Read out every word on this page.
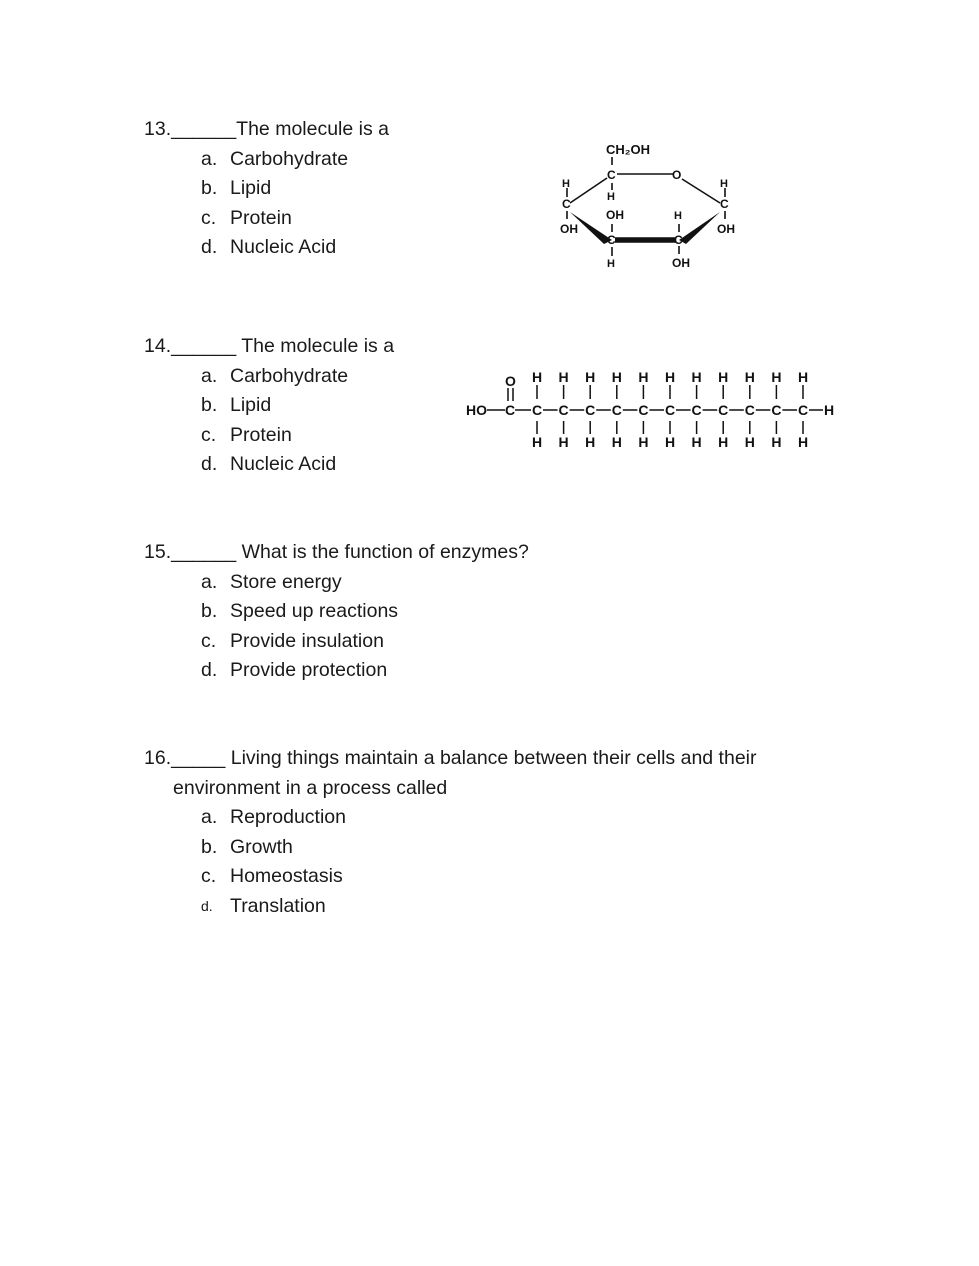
13.______The molecule is a
a. Carbohydrate
b. Lipid
c. Protein
d. Nucleic Acid
CH₂OH
C
H
O
H
C
OH
H
C
OH
OH
C
H
H
C
OH
14.______ The molecule is a
a. Carbohydrate
b. Lipid
c. Protein
d. Nucleic Acid
HO C
O H
C
H
H
C
H
H
C
H
H
C
H
H
C
H
H
C
H
H
C
H
H
C
H
H
C
H
H
C
H
H
C
H
H
15.______ What is the function of enzymes?
a. Store energy
b. Speed up reactions
c. Provide insulation
d. Provide protection
16._____ Living things maintain a balance between their cells and their
environment in a process called
a. Reproduction
b. Growth
c. Homeostasis
d. Translation
